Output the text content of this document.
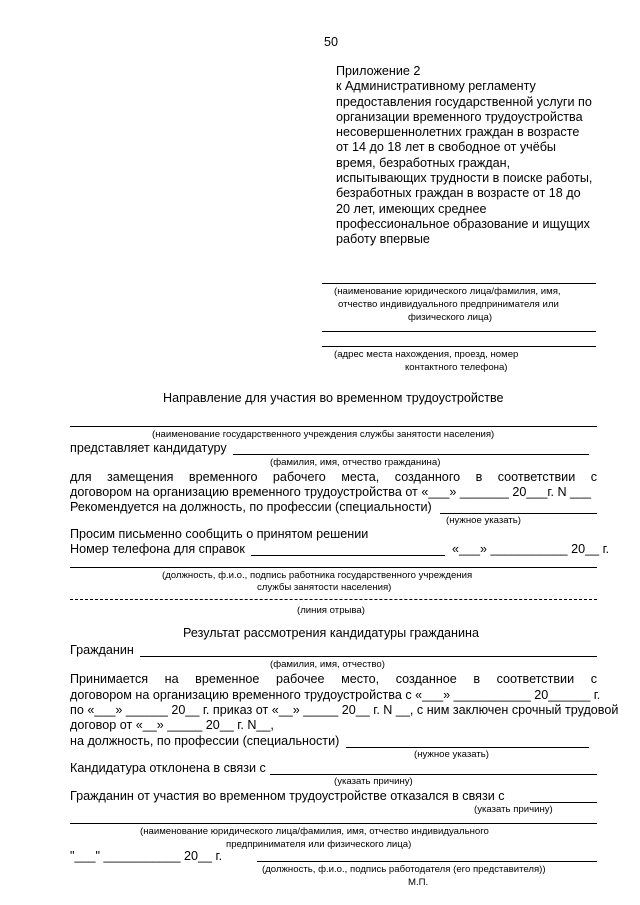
50
Приложение 2
к Административному регламенту
предоставления государственной услуги по
организации временного трудоустройства
несовершеннолетних граждан в возрасте
от 14 до 18 лет в свободное от учёбы
время, безработных граждан,
испытывающих трудности в поиске работы,
безработных граждан в возрасте от 18 до
20 лет, имеющих среднее
профессиональное образование и ищущих
работу впервые
(наименование юридического лица/фамилия, имя,
отчество индивидуального предпринимателя или
физического лица)
(адрес места нахождения, проезд, номер
контактного телефона)
Направление для участия во временном трудоустройстве
(наименование государственного учреждения службы занятости населения)
представляет кандидатуру
(фамилия, имя, отчество гражданина)
для замещения временного рабочего места, созданного в соответствии с
договором на организацию временного трудоустройства от «___» _______ 20___г. N ___
Рекомендуется на должность, по профессии (специальности)
(нужное указать)
Просим письменно сообщить о принятом решении
Номер телефона для справок	«___» ___________ 20__ г.
(должность, ф.и.о., подпись работника государственного учреждения
службы занятости населения)
(линия отрыва)
Результат рассмотрения кандидатуры гражданина
Гражданин
(фамилия, имя, отчество)
Принимается на временное рабочее место, созданное в соответствии с
договором на организацию временного трудоустройства с «___» ___________ 20______ г.
по «___» ______ 20__ г. приказ от «__» _____ 20__ г. N __, с ним заключен срочный трудовой
договор от «__» _____ 20__ г. N__,
на должность, по профессии (специальности)
(нужное указать)
Кандидатура отклонена в связи с
(указать причину)
Гражданин от участия во временном трудоустройстве отказался в связи с
(указать причину)
(наименование юридического лица/фамилия, имя, отчество индивидуального
предпринимателя или физического лица)
"___" ___________ 20__ г.
(должность, ф.и.о., подпись работодателя (его представителя))
М.П.
